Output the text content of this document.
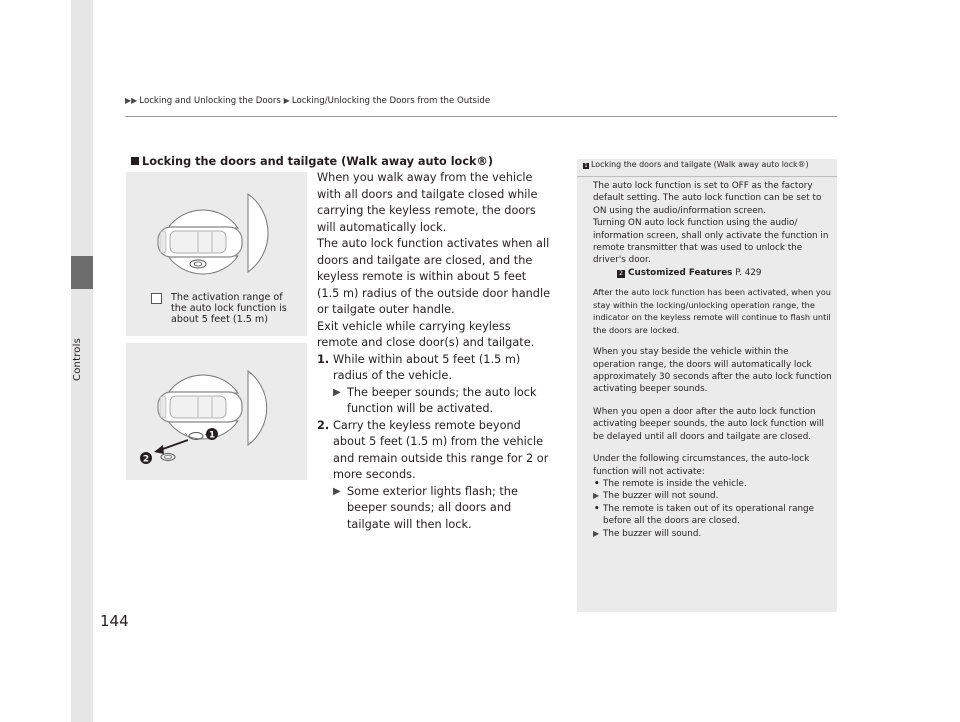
Controls
▶▶ Locking and Unlocking the Doors ▶ Locking/Unlocking the Doors from the Outside
Locking the doors and tailgate (Walk away auto lock®)
The activation range of
the auto lock function is
about 5 feet (1.5 m)
1
2

When you walk away from the vehicle with all doors and tailgate closed while carrying the keyless remote, the doors will automatically lock.

The auto lock function activates when all doors and tailgate are closed, and the keyless remote is within about 5 feet (1.5 m) radius of the outside door handle or tailgate outer handle.

Exit vehicle while carrying keyless remote and close door(s) and tailgate.

1. While within about 5 feet (1.5 m) radius of the vehicle.
▶ The beeper sounds; the auto lock function will be activated.
2. Carry the keyless remote beyond about 5 feet (1.5 m) from the vehicle and remain outside this range for 2 or more seconds.
▶ Some exterior lights flash; the beeper sounds; all doors and tailgate will then lock.
1 Locking the doors and tailgate (Walk away auto lock®)

The auto lock function is set to OFF as the factory default setting. The auto lock function can be set to ON using the audio/information screen.

Turning ON auto lock function using the audio/ information screen, shall only activate the function in remote transmitter that was used to unlock the driver's door.

2 Customized Features P. 429

After the auto lock function has been activated, when you stay within the locking/unlocking operation range, the indicator on the keyless remote will continue to flash until the doors are locked.

When you stay beside the vehicle within the operation range, the doors will automatically lock approximately 30 seconds after the auto lock function activating beeper sounds.

When you open a door after the auto lock function activating beeper sounds, the auto lock function will be delayed until all doors and tailgate are closed.

Under the following circumstances, the auto-lock function will not activate:

• The remote is inside the vehicle.
▶ The buzzer will not sound.
• The remote is taken out of its operational range before all the doors are closed.
▶ The buzzer will sound.
144
